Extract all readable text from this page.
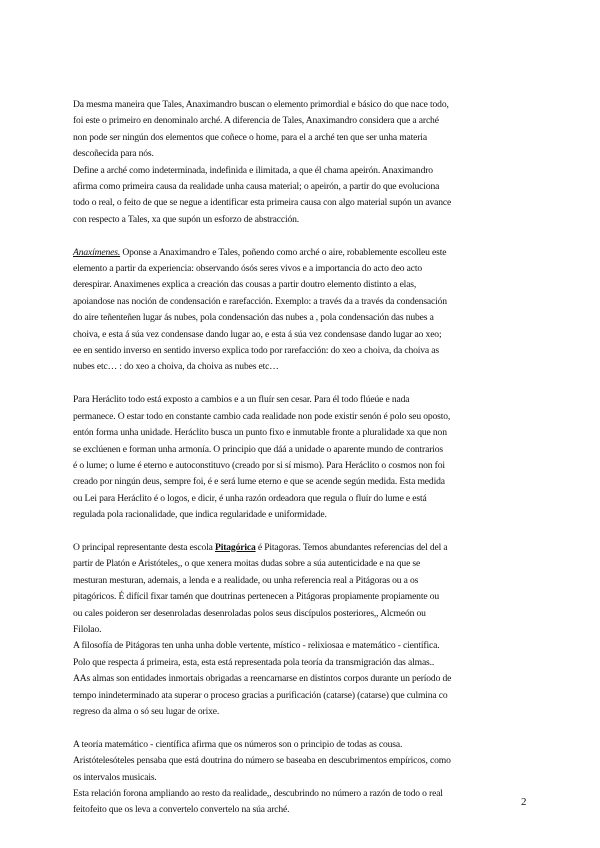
Da mesma maneira que Tales, Anaximandro buscan o elemento primordial e básico do que nace todo,
foi este o primeiro en denominalo arché. A diferencia de Tales, Anaximandro considera que a arché
non pode ser ningún dos elementos que coñece o home, para el a arché ten que ser unha materia
descoñecida para nós.
Define a arché como indeterminada, indefinida e ilimitada, a que él chama apeirón. Anaximandro
afirma como primeira causa da realidade unha causa material; o apeirón, a partir do que evoluciona
todo o real, o feito de que se negue a identificar esta primeira causa con algo material supón un avance
con respecto a Tales, xa que supón un esforzo de abstracción.
Anaxímenes. Oponse a Anaximandro e Tales, poñendo como arché o aire, robablemente escolleu este
elemento a partir da experiencia: observando ósós seres vivos e a importancia do acto deo acto
derespirar. Anaximenes explica a creación das cousas a partir doutro elemento distinto a elas,
apoiandose nas noción de condensación e rarefacción. Exemplo: a través da a través da condensación
do aire teñenteñen lugar ás nubes, pola condensación das nubes a , pola condensación das nubes a
choiva, e esta á súa vez condensase dando lugar ao, e esta á súa vez condensase dando lugar ao xeo;
ee en sentido inverso en sentido inverso explica todo por rarefacción: do xeo a choiva, da choiva as
nubes etc… : do xeo a choiva, da choiva as nubes etc…
Para Heráclito todo está exposto a cambios e a un fluír sen cesar. Para él todo flúeúe e nada
permanece. O estar todo en constante cambio cada realidade non pode existir senón é polo seu oposto,
entón forma unha unidade. Heráclito busca un punto fixo e inmutable fronte a pluralidade xa que non
se exclúenen e forman unha armonía. O principio que dáá a unidade o aparente mundo de contrarios
é o lume; o lume é eterno e autoconstituvo (creado por si sí mismo). Para Heráclito o cosmos non foi
creado por ningún deus, sempre foi, é e será lume eterno e que se acende según medida. Esta medida
ou Lei para Heráclito é o logos, e dicir, é unha razón ordeadora que regula o fluír do lume e está
regulada pola racionalidade, que indica regularidade e uniformidade.
O principal representante desta escola Pitagórica é Pitagoras. Temos abundantes referencias del del a
partir de Platón e Aristóteles,, o que xenera moitas dudas sobre a súa autenticidade e na que se
mesturan mesturan, ademais, a lenda e a realidade, ou unha referencia real a Pitágoras ou a os
pitagóricos. É difícil fixar tamén que doutrinas pertenecen a Pitágoras propiamente propiamente ou
ou cales poideron ser desenroladas desenroladas polos seus discípulos posteriores,, Alcmeón ou
Filolao.
A filosofía de Pitágoras ten unha unha doble vertente, místico - relixiosaa e matemático - científica.
Polo que respecta á primeira, esta, esta está representada pola teoría da transmigración das almas..
AAs almas son entidades inmortais obrigadas a reencarnarse en distintos corpos durante un período de
tempo inindeterminado ata superar o proceso gracias a purificación (catarse) (catarse) que culmina co
regreso da alma o só seu lugar de orixe.
A teoría matemático - científica afirma que os números son o principio de todas as cousa.
Aristótelesóteles pensaba que está doutrina do número se baseaba en descubrimentos empíricos, como
os intervalos musicais.
Esta relación forona ampliando ao resto da realidade,, descubrindo no número a razón de todo o real
feitofeito que os leva a convertelo convertelo na súa arché.
2
